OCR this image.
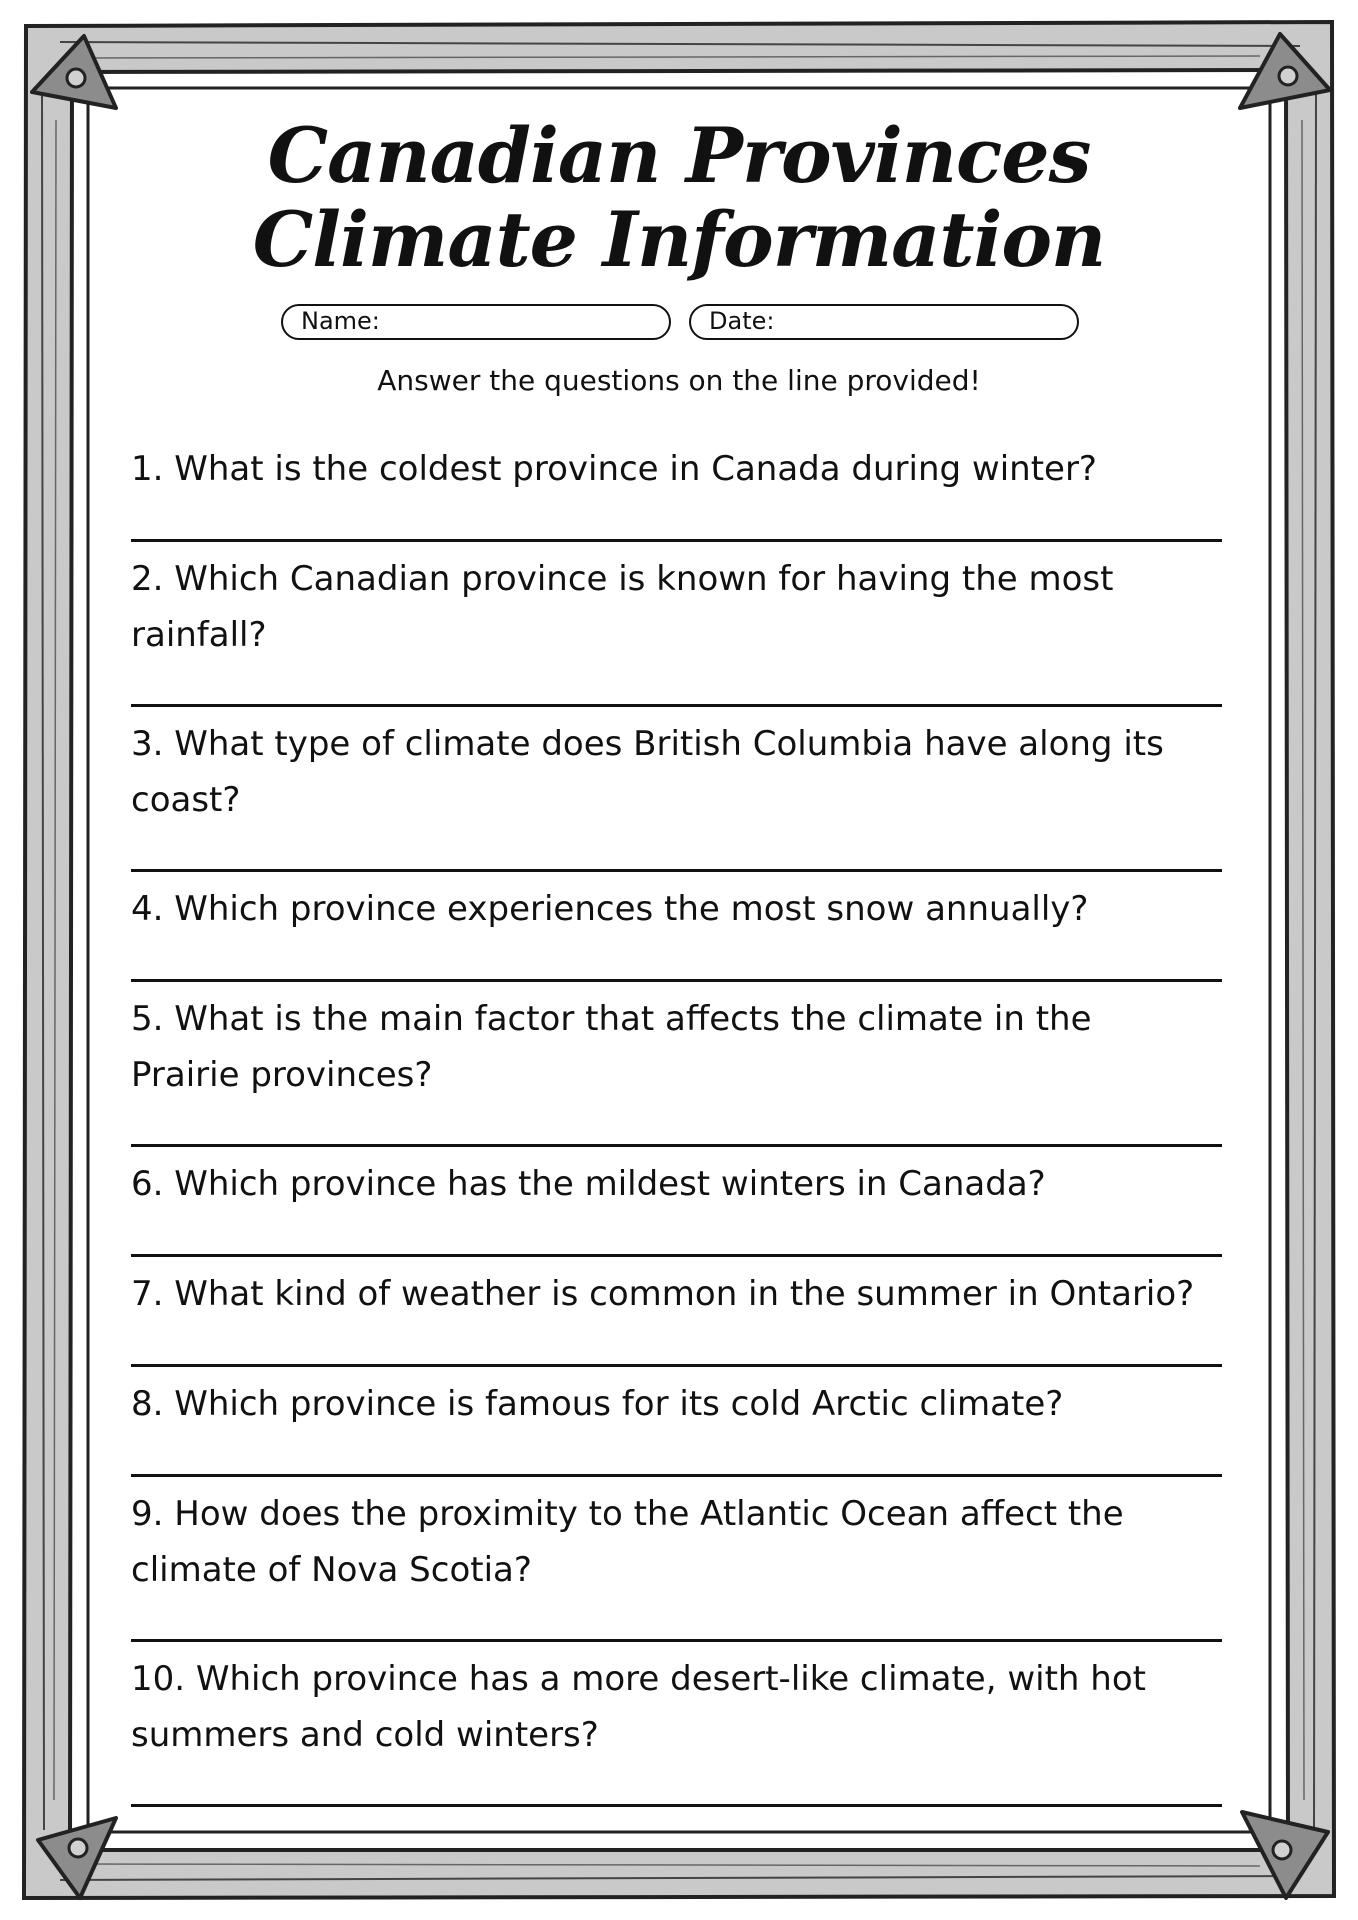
Canadian Provinces
Climate Information
Name:	Date:
Answer the questions on the line provided!
1. What is the coldest province in Canada during winter?
2. Which Canadian province is known for having the most
rainfall?
3. What type of climate does British Columbia have along its
coast?
4. Which province experiences the most snow annually?
5. What is the main factor that affects the climate in the
Prairie provinces?
6. Which province has the mildest winters in Canada?
7. What kind of weather is common in the summer in Ontario?
8. Which province is famous for its cold Arctic climate?
9. How does the proximity to the Atlantic Ocean affect the
climate of Nova Scotia?
10. Which province has a more desert-like climate, with hot
summers and cold winters?
